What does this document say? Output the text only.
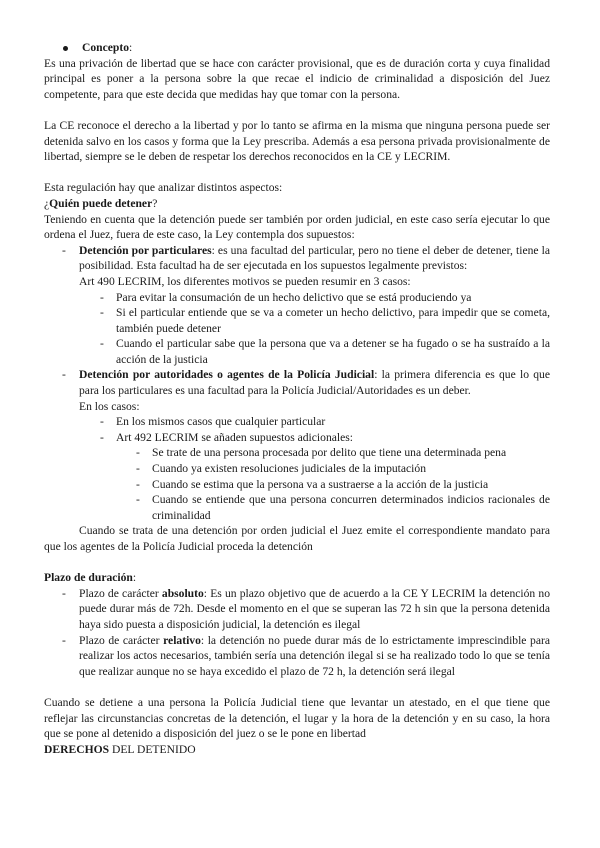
Concepto:

Es una privación de libertad que se hace con carácter provisional, que es de duración corta y cuya finalidad principal es poner a la persona sobre la que recae el indicio de criminalidad a disposición del Juez competente, para que este decida que medidas hay que tomar con la persona.

La CE reconoce el derecho a la libertad y por lo tanto se afirma en la misma que ninguna persona puede ser detenida salvo en los casos y forma que la Ley prescriba. Además a esa persona privada provisionalmente de libertad, siempre se le deben de respetar los derechos reconocidos en la CE y LECRIM.

Esta regulación hay que analizar distintos aspectos:

¿Quién puede detener?

Teniendo en cuenta que la detención puede ser también por orden judicial, en este caso sería ejecutar lo que ordena el Juez, fuera de este caso, la Ley contempla dos supuestos:

- Detención por particulares: es una facultad del particular, pero no tiene el deber de detener, tiene la posibilidad. Esta facultad ha de ser ejecutada en los supuestos legalmente previstos:

Art 490 LECRIM, los diferentes motivos se pueden resumir en 3 casos:

- Para evitar la consumación de un hecho delictivo que se está produciendo ya
- Si el particular entiende que se va a cometer un hecho delictivo, para impedir que se cometa, también puede detener
- Cuando el particular sabe que la persona que va a detener se ha fugado o se ha sustraído a la acción de la justicia
- Detención por autoridades o agentes de la Policía Judicial: la primera diferencia es que lo que para los particulares es una facultad para la Policía Judicial/Autoridades es un deber.

En los casos:

- En los mismos casos que cualquier particular
- Art 492 LECRIM se añaden supuestos adicionales:
- Se trate de una persona procesada por delito que tiene una determinada pena
- Cuando ya existen resoluciones judiciales de la imputación
- Cuando se estima que la persona va a sustraerse a la acción de la justicia
- Cuando se entiende que una persona concurren determinados indicios racionales de criminalidad

Cuando se trata de una detención por orden judicial el Juez emite el correspondiente mandato para que los agentes de la Policía Judicial proceda la detención

Plazo de duración:

- Plazo de carácter absoluto: Es un plazo objetivo que de acuerdo a la CE Y LECRIM la detención no puede durar más de 72h. Desde el momento en el que se superan las 72 h sin que la persona detenida haya sido puesta a disposición judicial, la detención es ilegal
- Plazo de carácter relativo: la detención no puede durar más de lo estrictamente imprescindible para realizar los actos necesarios, también sería una detención ilegal si se ha realizado todo lo que se tenía que realizar aunque no se haya excedido el plazo de 72 h, la detención será ilegal

Cuando se detiene a una persona la Policía Judicial tiene que levantar un atestado, en el que tiene que reflejar las circunstancias concretas de la detención, el lugar y la hora de la detención y en su caso, la hora que se pone al detenido a disposición del juez o se le pone en libertad

DERECHOS DEL DETENIDO
